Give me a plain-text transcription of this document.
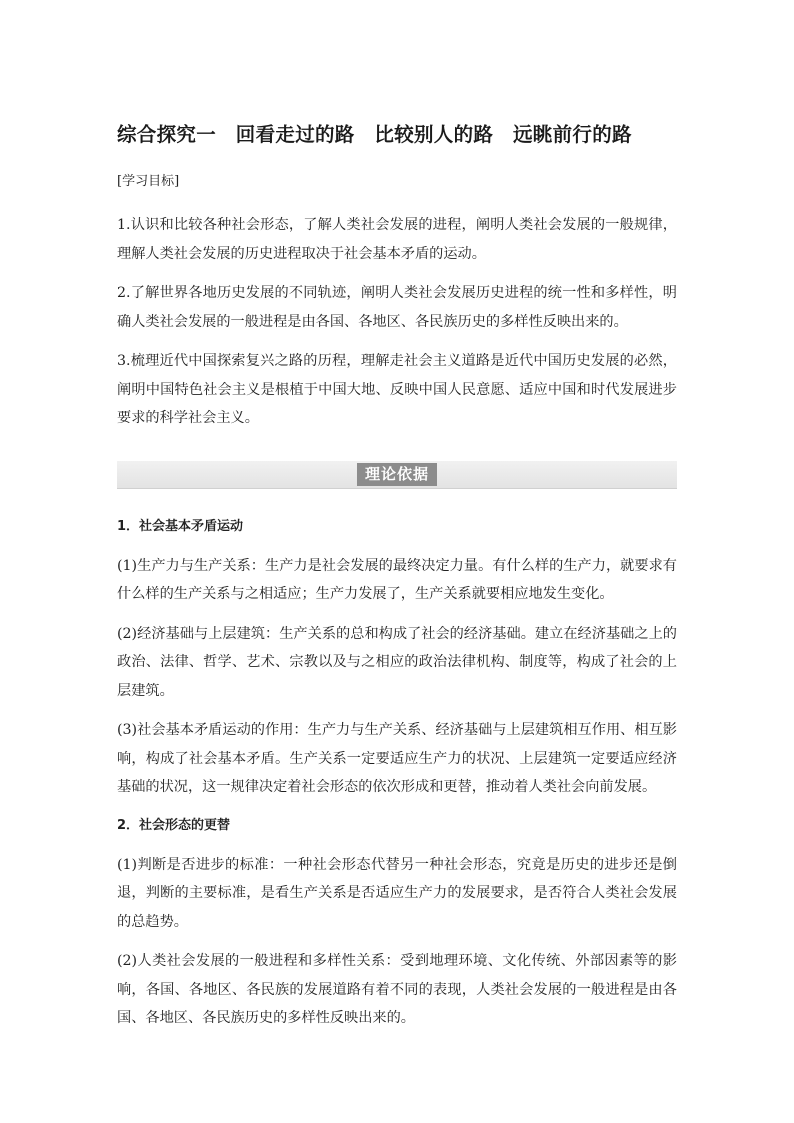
综合探究一　回看走过的路　比较别人的路　远眺前行的路
[学习目标]

1.认识和比较各种社会形态，了解人类社会发展的进程，阐明人类社会发展的一般规律，理解人类社会发展的历史进程取决于社会基本矛盾的运动。

2.了解世界各地历史发展的不同轨迹，阐明人类社会发展历史进程的统一性和多样性，明确人类社会发展的一般进程是由各国、各地区、各民族历史的多样性反映出来的。

3.梳理近代中国探索复兴之路的历程，理解走社会主义道路是近代中国历史发展的必然，阐明中国特色社会主义是根植于中国大地、反映中国人民意愿、适应中国和时代发展进步要求的科学社会主义。

理论依据
1．社会基本矛盾运动

(1)生产力与生产关系：生产力是社会发展的最终决定力量。有什么样的生产力，就要求有什么样的生产关系与之相适应；生产力发展了，生产关系就要相应地发生变化。

(2)经济基础与上层建筑：生产关系的总和构成了社会的经济基础。建立在经济基础之上的政治、法律、哲学、艺术、宗教以及与之相应的政治法律机构、制度等，构成了社会的上层建筑。

(3)社会基本矛盾运动的作用：生产力与生产关系、经济基础与上层建筑相互作用、相互影响，构成了社会基本矛盾。生产关系一定要适应生产力的状况、上层建筑一定要适应经济基础的状况，这一规律决定着社会形态的依次形成和更替，推动着人类社会向前发展。

2．社会形态的更替

(1)判断是否进步的标准：一种社会形态代替另一种社会形态，究竟是历史的进步还是倒退，判断的主要标准，是看生产关系是否适应生产力的发展要求，是否符合人类社会发展的总趋势。

(2)人类社会发展的一般进程和多样性关系：受到地理环境、文化传统、外部因素等的影响，各国、各地区、各民族的发展道路有着不同的表现，人类社会发展的一般进程是由各国、各地区、各民族历史的多样性反映出来的。
